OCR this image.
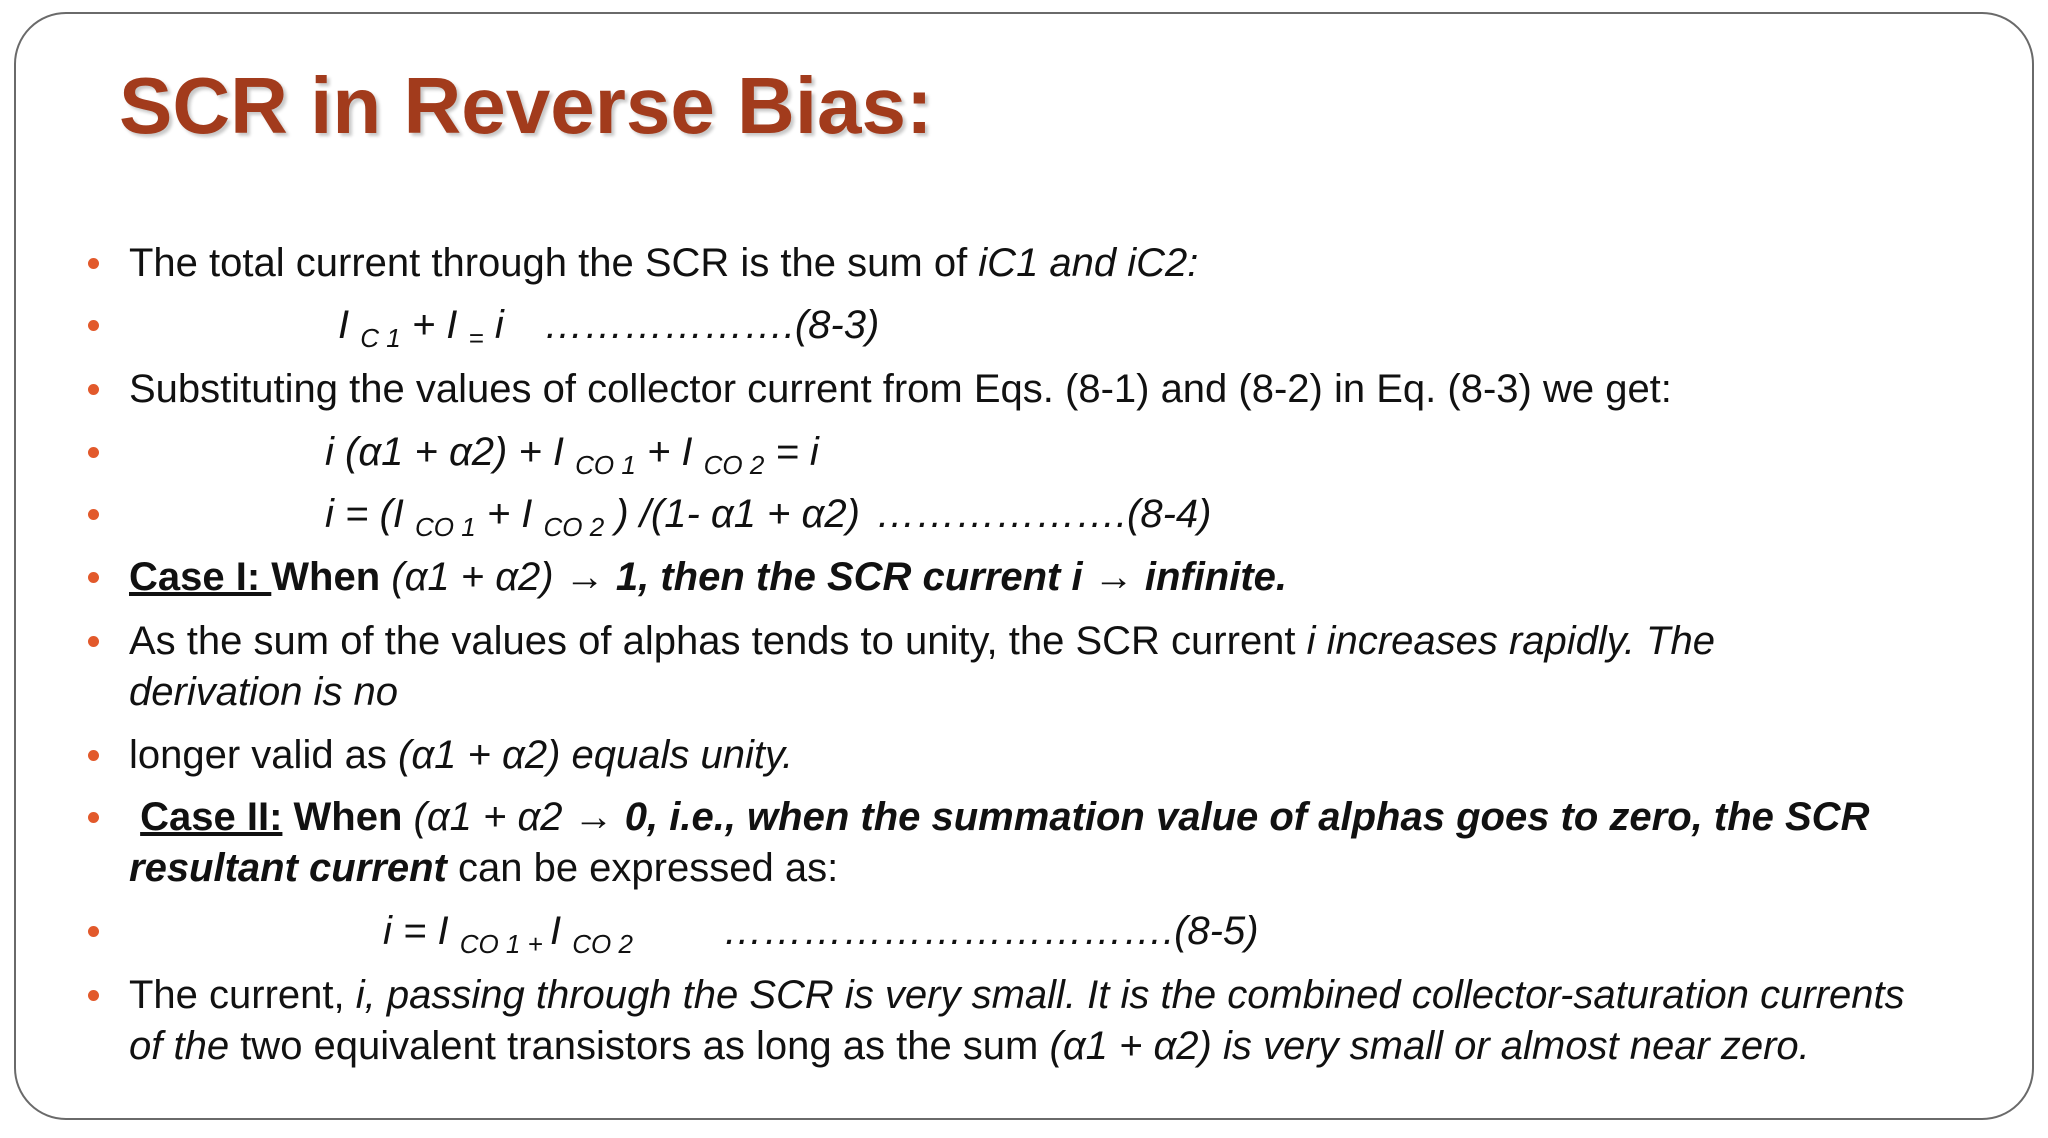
SCR in Reverse Bias:
The total current through the SCR is the sum of iC1 and iC2:
I $_{C 1}$ + I $_=$ i ……………….(8-3)
Substituting the values of collector current from Eqs. (8-1) and (8-2) in Eq. (8-3) we get:
i (α1 + α2) + I $_{CO 1}$ + I $_{CO 2}$ = i
i = (I $_{CO 1}$ + I $_{CO 2}$ ) /(1- α1 + α2) ……………….(8-4)
Case I: When (α1 + α2) → 1, then the SCR current i → infinite.
As the sum of the values of alphas tends to unity, the SCR current i increases rapidly. The derivation is no
longer valid as (α1 + α2) equals unity.
Case II: When (α1 + α2 → 0, i.e., when the summation value of alphas goes to zero, the SCR resultant current can be expressed as:
i = I $_{CO 1}$ $_+$ I $_{CO 2}$ …………………………….(8-5)
The current, i, passing through the SCR is very small. It is the combined collector-saturation currents of the two equivalent transistors as long as the sum (α1 + α2) is very small or almost near zero.
